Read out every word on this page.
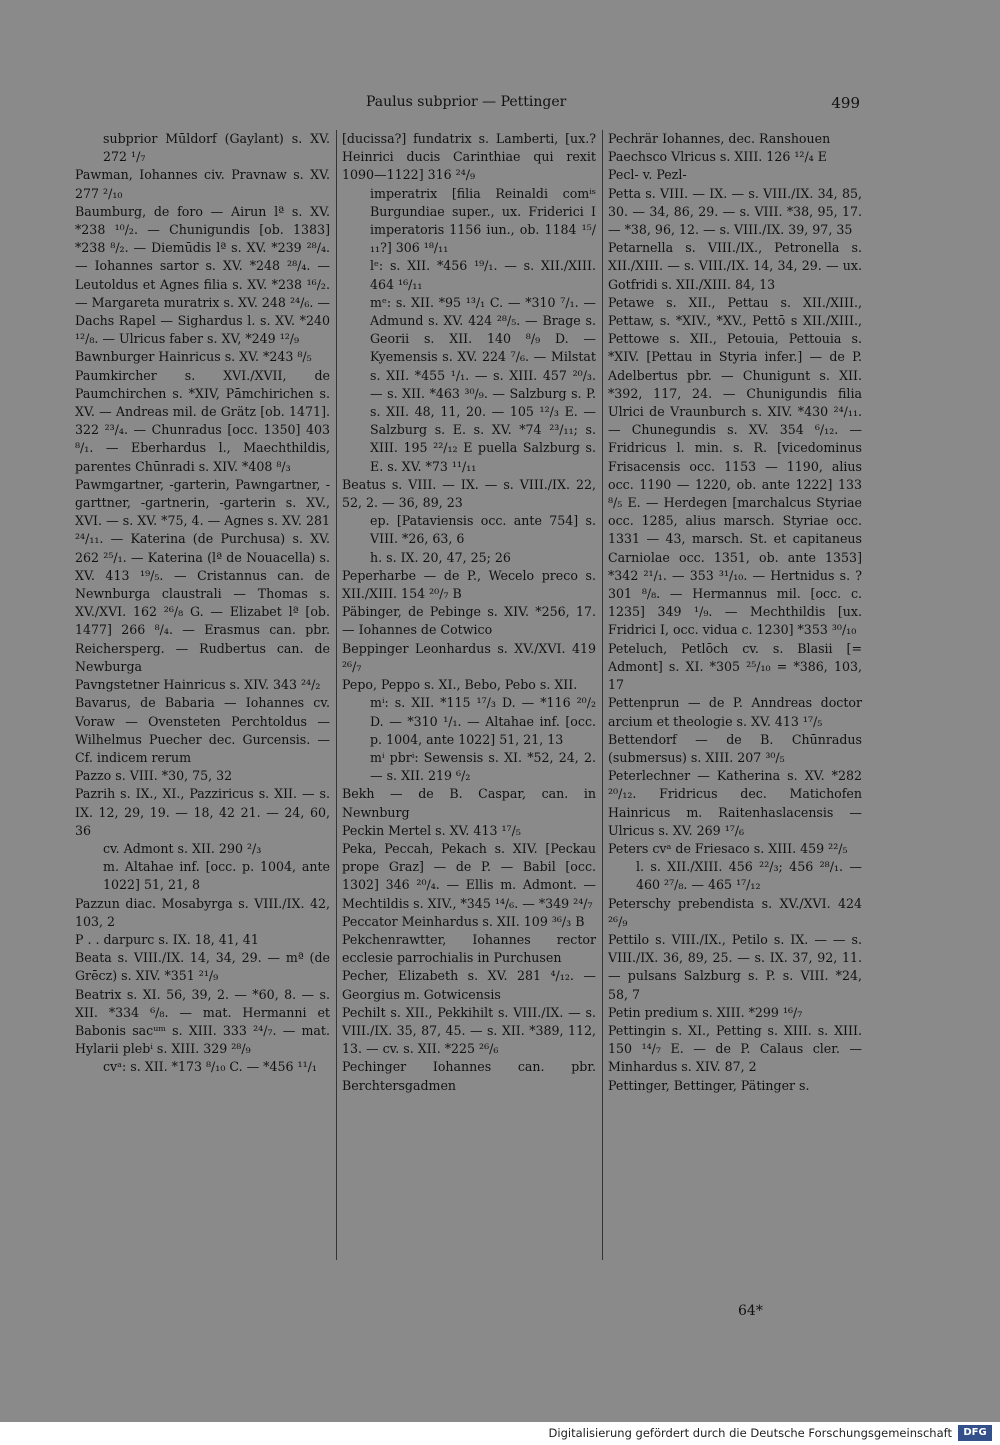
Paulus subprior — Pettinger	499
subprior Mūldorf (Gaylant) s. XV. 272 ¹/₇
Pawman, Iohannes civ. Pravnaw s. XV. 277 ²/₁₀
Baumburg, de foro — Airun lª s. XV. *238 ¹⁰/₂. — Chunigundis [ob. 1383] *238 ⁸/₂. — Diemūdis lª s. XV. *239 ²⁸/₄. — Iohannes sartor s. XV. *248 ²⁸/₄. — Leutoldus et Agnes filia s. XV. *238 ¹⁶/₂. — Margareta muratrix s. XV. 248 ²⁴/₆. — Dachs Rapel — Sighardus l. s. XV. *240 ¹²/₈. — Ulricus faber s. XV, *249 ¹²/₉
Bawnburger Hainricus s. XV. *243 ⁸/₅
Paumkircher s. XVI./XVII, de Paumchirchen s. *XIV, Pāmchirichen s. XV. — Andreas mil. de Grätz [ob. 1471]. 322 ²³/₄. — Chunradus [occ. 1350] 403 ⁸/₁. — Eberhardus l., Maechthildis, parentes Chūnradi s. XIV. *408 ⁸/₃
Pawmgartner, -garterin, Pawngartner, -garttner, -gartnerin, -garterin s. XV., XVI. — s. XV. *75, 4. — Agnes s. XV. 281 ²⁴/₁₁. — Katerina (de Purchusa) s. XV. 262 ²⁵/₁. — Katerina (lª de Nouacella) s. XV. 413 ¹⁹/₅. — Cristannus can. de Newnburga claustrali — Thomas s. XV./XVI. 162 ²⁶/₈ G. — Elizabet lª [ob. 1477] 266 ⁸/₄. — Erasmus can. pbr. Reichersperg. — Rudbertus can. de Newburga
Pavngstetner Hainricus s. XIV. 343 ²⁴/₂
Bavarus, de Babaria — Iohannes cv. Voraw — Ovensteten Perchtoldus — Wilhelmus Puecher dec. Gurcensis. — Cf. indicem rerum
Pazzo s. VIII. *30, 75, 32
Pazrih s. IX., XI., Pazziricus s. XII. — s. IX. 12, 29, 19. — 18, 42 21. — 24, 60, 36
cv. Admont s. XII. 290 ²/₃
m. Altahae inf. [occ. p. 1004, ante 1022] 51, 21, 8
Pazzun diac. Mosabyrga s. VIII./IX. 42, 103, 2
P . . darpurc s. IX. 18, 41, 41
Beata s. VIII./IX. 14, 34, 29. — mª (de Grēcz) s. XIV. *351 ²¹/₉
Beatrix s. XI. 56, 39, 2. — *60, 8. — s. XII. *334 ⁶/₈. — mat. Hermanni et Babonis sacᵘᵐ s. XIII. 333 ²⁴/₇. — mat. Hylarii plebⁱ s. XIII. 329 ²⁸/₉
cvᵃ: s. XII. *173 ⁸/₁₀ C. — *456 ¹¹/₁
[ducissa?] fundatrix s. Lamberti, [ux.? Heinrici ducis Carinthiae qui rexit 1090—1122] 316 ²⁴/₉
imperatrix [filia Reinaldi comⁱˢ Burgundiae super., ux. Friderici I imperatoris 1156 iun., ob. 1184 ¹⁵/₁₁?] 306 ¹⁸/₁₁
lᵉ: s. XII. *456 ¹⁹/₁. — s. XII./XIII. 464 ¹⁶/₁₁
mᵉ: s. XII. *95 ¹³/₁ C. — *310 ⁷/₁. — Admund s. XV. 424 ²⁸/₅. — Brage s. Georii s. XII. 140 ⁸/₉ D. — Kyemensis s. XV. 224 ⁷/₆. — Milstat s. XII. *455 ¹/₁. — s. XIII. 457 ²⁰/₃. — s. XII. *463 ³⁰/₉. — Salzburg s. P. s. XII. 48, 11, 20. — 105 ¹²/₃ E. — Salzburg s. E. s. XV. *74 ²³/₁₁; s. XIII. 195 ²²/₁₂ E puella Salzburg s. E. s. XV. *73 ¹¹/₁₁
Beatus s. VIII. — IX. — s. VIII./IX. 22, 52, 2. — 36, 89, 23
ep. [Pataviensis occ. ante 754] s. VIII. *26, 63, 6
h. s. IX. 20, 47, 25; 26
Peperharbe — de P., Wecelo preco s. XII./XIII. 154 ²⁰/₇ B
Päbinger, de Pebinge s. XIV. *256, 17. — Iohannes de Cotwico
Beppinger Leonhardus s. XV./XVI. 419 ²⁶/₇
Pepo, Peppo s. XI., Bebo, Pebo s. XII.
mⁱ: s. XII. *115 ¹⁷/₃ D. — *116 ²⁰/₂ D. — *310 ¹/₁. — Altahae inf. [occ. p. 1004, ante 1022] 51, 21, 13
mⁱ pbrⁱ: Sewensis s. XI. *52, 24, 2. — s. XII. 219 ⁶/₂
Bekh — de B. Caspar, can. in Newnburg
Peckin Mertel s. XV. 413 ¹⁷/₅
Peka, Peccah, Pekach s. XIV. [Peckau prope Graz] — de P. — Babil [occ. 1302] 346 ²⁰/₄. — Ellis m. Admont. — Mechtildis s. XIV., *345 ¹⁴/₆. — *349 ²⁴/₇
Peccator Meinhardus s. XII. 109 ³⁶/₃ B
Pekchenrawtter, Iohannes rector ecclesie parrochialis in Purchusen
Pecher, Elizabeth s. XV. 281 ⁴/₁₂. — Georgius m. Gotwicensis
Pechilt s. XII., Pekkihilt s. VIII./IX. — s. VIII./IX. 35, 87, 45. — s. XII. *389, 112, 13. — cv. s. XII. *225 ²⁶/₆
Pechinger Iohannes can. pbr. Berchtersgadmen
Pechrär Iohannes, dec. Ranshouen
Paechsco Vlricus s. XIII. 126 ¹²/₄ E
Pecl- v. Pezl-
Petta s. VIII. — IX. — s. VIII./IX. 34, 85, 30. — 34, 86, 29. — s. VIII. *38, 95, 17. — *38, 96, 12. — s. VIII./IX. 39, 97, 35
Petarnella s. VIII./IX., Petronella s. XII./XIII. — s. VIII./IX. 14, 34, 29. — ux. Gotfridi s. XII./XIII. 84, 13
Petawe s. XII., Pettau s. XII./XIII., Pettaw, s. *XIV., *XV., Pettō s XII./XIII., Pettowe s. XII., Petouia, Pettouia s. *XIV. [Pettau in Styria infer.] — de P. Adelbertus pbr. — Chunigunt s. XII. *392, 117, 24. — Chunigundis filia Ulrici de Vraunburch s. XIV. *430 ²⁴/₁₁. — Chunegundis s. XV. 354 ⁶/₁₂. — Fridricus l. min. s. R. [vicedominus Frisacensis occ. 1153 — 1190, alius occ. 1190 — 1220, ob. ante 1222] 133 ⁸/₅ E. — Herdegen [marchalcus Styriae occ. 1285, alius marsch. Styriae occ. 1331 — 43, marsch. St. et capitaneus Carniolae occ. 1351, ob. ante 1353] *342 ²¹/₁. — 353 ³¹/₁₀. — Hertnidus s. ? 301 ⁸/₈. — Hermannus mil. [occ. c. 1235] 349 ¹/₉. — Mechthildis [ux. Fridrici I, occ. vidua c. 1230] *353 ³⁰/₁₀
Peteluch, Petlōch cv. s. Blasii [= Admont] s. XI. *305 ²⁵/₁₀ = *386, 103, 17
Pettenprun — de P. Anndreas doctor arcium et theologie s. XV. 413 ¹⁷/₅
Bettendorf — de B. Chūnradus (submersus) s. XIII. 207 ³⁰/₅
Peterlechner — Katherina s. XV. *282 ²⁰/₁₂. Fridricus dec. Matichofen Hainricus m. Raitenhaslacensis — Ulricus s. XV. 269 ¹⁷/₆
Peters cvᵃ de Friesaco s. XIII. 459 ²²/₅
l. s. XII./XIII. 456 ²²/₃; 456 ²⁸/₁. — 460 ²⁷/₈. — 465 ¹⁷/₁₂
Peterschy prebendista s. XV./XVI. 424 ²⁶/₉
Pettilo s. VIII./IX., Petilo s. IX. — — s. VIII./IX. 36, 89, 25. — s. IX. 37, 92, 11. — pulsans Salzburg s. P. s. VIII. *24, 58, 7
Petin predium s. XIII. *299 ¹⁶/₇
Pettingin s. XI., Petting s. XIII. s. XIII. 150 ¹⁴/₇ E. — de P. Calaus cler. — Minhardus s. XIV. 87, 2
Pettinger, Bettinger, Pätinger s.
64*
Digitalisierung gefördert durch die Deutsche Forschungsgemeinschaft	DFG
